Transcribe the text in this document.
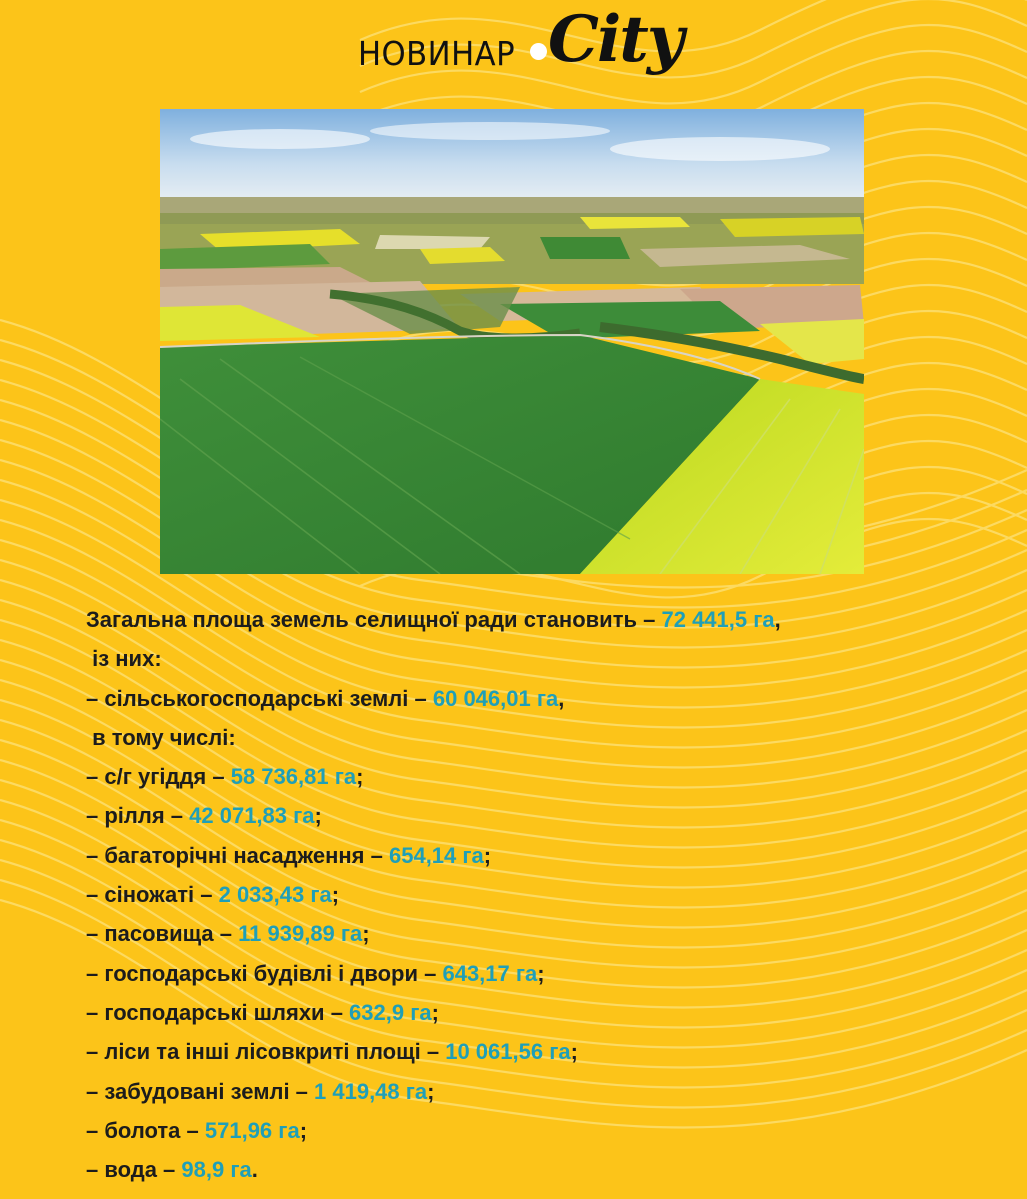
НОВИНАР City
Загальна площа земель селищної ради становить – 72 441,5 га,
із них:
– сільськогосподарські землі – 60 046,01 га,
в тому числі:
– с/г угіддя – 58 736,81 га;
– рілля – 42 071,83 га;
– багаторічні насадження – 654,14 га;
– сіножаті – 2 033,43 га;
– пасовища – 11 939,89 га;
– господарські будівлі і двори – 643,17 га;
– господарські шляхи – 632,9 га;
– ліси та інші лісовкриті площі – 10 061,56 га;
– забудовані землі – 1 419,48 га;
– болота – 571,96 га;
– вода – 98,9 га.
